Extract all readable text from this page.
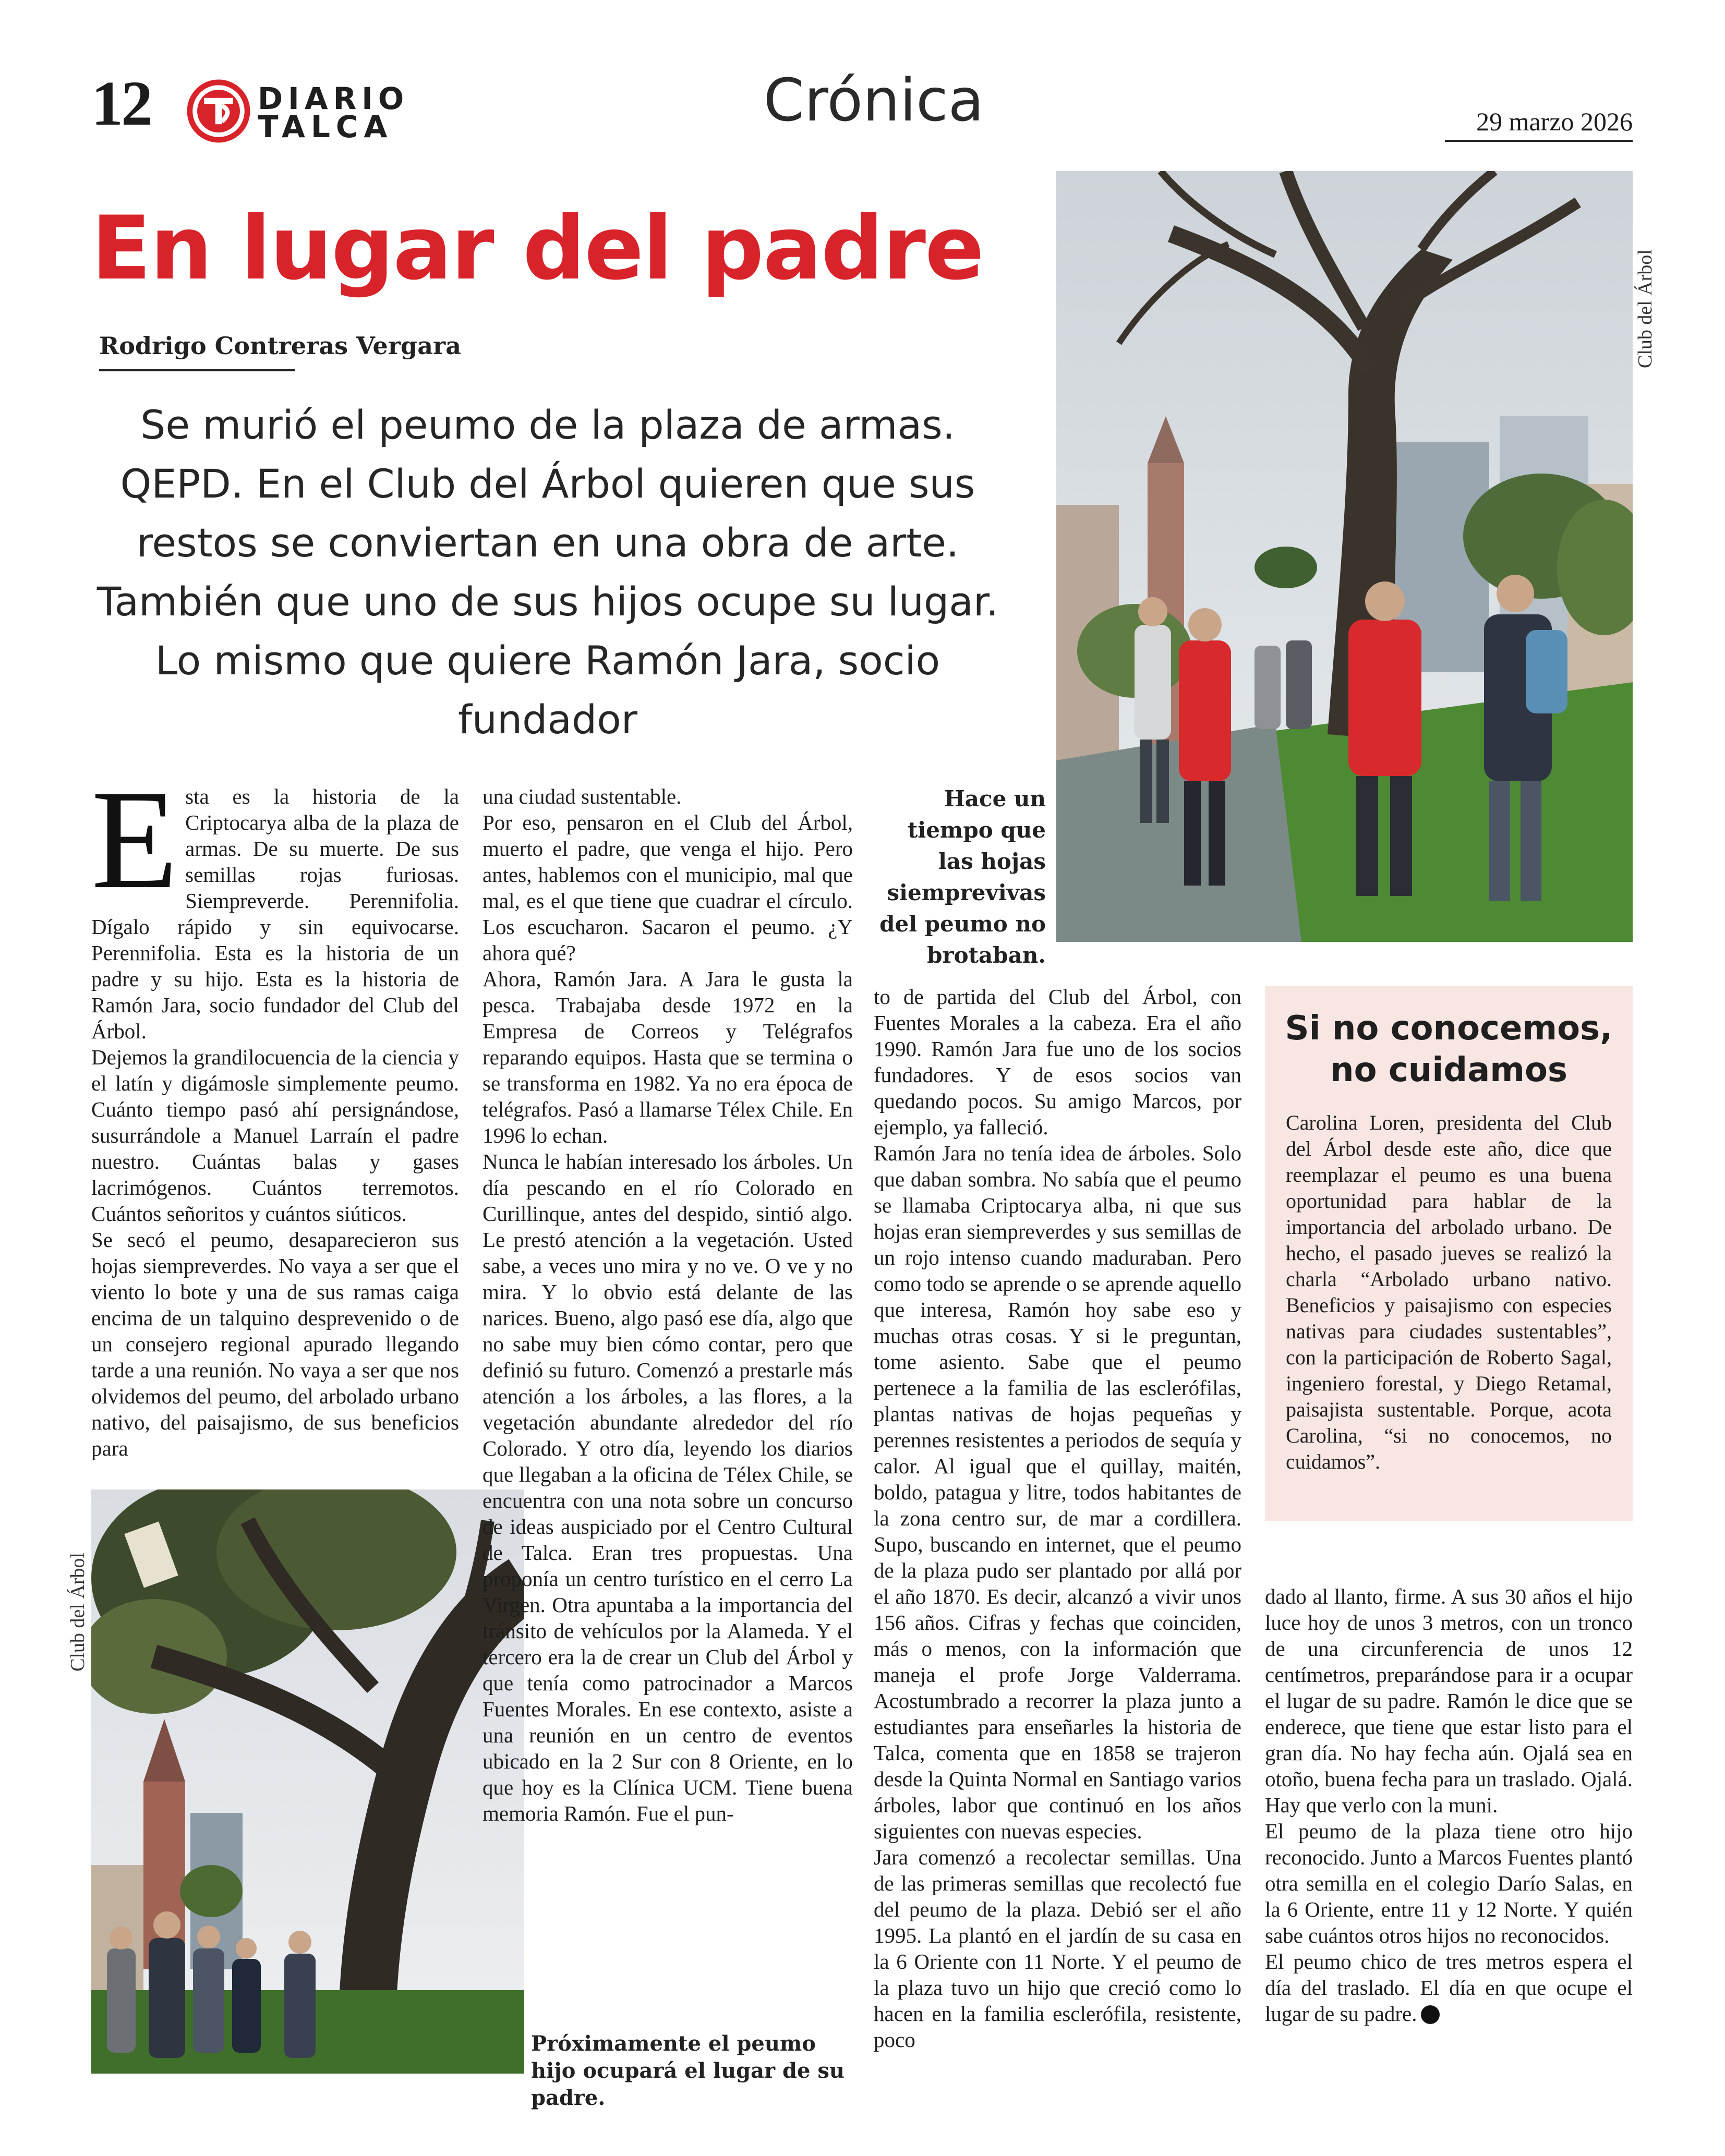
12	DIARIO
TALCA	Crónica	29 marzo 2026
En lugar del padre
Rodrigo Contreras Vergara
Se murió el peumo de la plaza de armas. QEPD. En el Club del Árbol quieren que sus restos se conviertan en una obra de arte. También que uno de sus hijos ocupe su lugar. Lo mismo que quiere Ramón Jara, socio fundador
Club del Árbol
Club del Árbol
Hace un tiempo que las hojas siemprevivas del peumo no brotaban.
Próximamente el peumo hijo ocupará el lugar de su padre.
E sta es la historia de la Criptocarya alba de la plaza de armas. De su muerte. De sus semillas rojas furiosas. Siempreverde. Perennifolia. Dígalo rápido y sin equivocarse. Perennifolia. Esta es la historia de un padre y su hijo. Esta es la historia de Ramón Jara, socio fundador del Club del Árbol.

Dejemos la grandilocuencia de la ciencia y el latín y digámosle simplemente peumo. Cuánto tiempo pasó ahí persignándose, susurrándole a Manuel Larraín el padre nuestro. Cuántas balas y gases lacrimógenos. Cuántos terremotos. Cuántos señoritos y cuántos siúticos.

Se secó el peumo, desaparecieron sus hojas siempreverdes. No vaya a ser que el viento lo bote y una de sus ramas caiga encima de un talquino desprevenido o de un consejero regional apurado llegando tarde a una reunión. No vaya a ser que nos olvidemos del peumo, del arbolado urbano nativo, del paisajismo, de sus beneficios para

una ciudad sustentable.

Por eso, pensaron en el Club del Árbol, muerto el padre, que venga el hijo. Pero antes, hablemos con el municipio, mal que mal, es el que tiene que cuadrar el círculo. Los escucharon. Sacaron el peumo. ¿Y ahora qué?

Ahora, Ramón Jara. A Jara le gusta la pesca. Trabajaba desde 1972 en la Empresa de Correos y Telégrafos reparando equipos. Hasta que se termina o se transforma en 1982. Ya no era época de telégrafos. Pasó a llamarse Télex Chile. En 1996 lo echan.

Nunca le habían interesado los árboles. Un día pescando en el río Colorado en Curillinque, antes del despido, sintió algo. Le prestó atención a la vegetación. Usted sabe, a veces uno mira y no ve. O ve y no mira. Y lo obvio está delante de las narices. Bueno, algo pasó ese día, algo que no sabe muy bien cómo contar, pero que definió su futuro. Comenzó a prestarle más atención a los árboles, a las flores, a la vegetación abundante alrededor del río Colorado. Y otro día, leyendo los diarios que llegaban a la oficina de Télex Chile, se encuentra con una nota sobre un concurso de ideas auspiciado por el Centro Cultural de Talca. Eran tres propuestas. Una proponía un centro turístico en el cerro La Virgen. Otra apuntaba a la importancia del tránsito de vehículos por la Alameda. Y el tercero era la de crear un Club del Árbol y que tenía como patrocinador a Marcos Fuentes Morales. En ese contexto, asiste a una reunión en un centro de eventos ubicado en la 2 Sur con 8 Oriente, en lo que hoy es la Clínica UCM. Tiene buena memoria Ramón. Fue el pun-

to de partida del Club del Árbol, con Fuentes Morales a la cabeza. Era el año 1990. Ramón Jara fue uno de los socios fundadores. Y de esos socios van quedando pocos. Su amigo Marcos, por ejemplo, ya falleció.

Ramón Jara no tenía idea de árboles. Solo que daban sombra. No sabía que el peumo se llamaba Criptocarya alba, ni que sus hojas eran siempreverdes y sus semillas de un rojo intenso cuando maduraban. Pero como todo se aprende o se aprende aquello que interesa, Ramón hoy sabe eso y muchas otras cosas. Y si le preguntan, tome asiento. Sabe que el peumo pertenece a la familia de las esclerófilas, plantas nativas de hojas pequeñas y perennes resistentes a periodos de sequía y calor. Al igual que el quillay, maitén, boldo, patagua y litre, todos habitantes de la zona centro sur, de mar a cordillera. Supo, buscando en internet, que el peumo de la plaza pudo ser plantado por allá por el año 1870. Es decir, alcanzó a vivir unos 156 años. Cifras y fechas que coinciden, más o menos, con la información que maneja el profe Jorge Valderrama. Acostumbrado a recorrer la plaza junto a estudiantes para enseñarles la historia de Talca, comenta que en 1858 se trajeron desde la Quinta Normal en Santiago varios árboles, labor que continuó en los años siguientes con nuevas especies.

Jara comenzó a recolectar semillas. Una de las primeras semillas que recolectó fue del peumo de la plaza. Debió ser el año 1995. La plantó en el jardín de su casa en la 6 Oriente con 11 Norte. Y el peumo de la plaza tuvo un hijo que creció como lo hacen en la familia esclerófila, resistente, poco

dado al llanto, firme. A sus 30 años el hijo luce hoy de unos 3 metros, con un tronco de una circunferencia de unos 12 centímetros, preparándose para ir a ocupar el lugar de su padre. Ramón le dice que se enderece, que tiene que estar listo para el gran día. No hay fecha aún. Ojalá sea en otoño, buena fecha para un traslado. Ojalá. Hay que verlo con la muni.

El peumo de la plaza tiene otro hijo reconocido. Junto a Marcos Fuentes plantó otra semilla en el colegio Darío Salas, en la 6 Oriente, entre 11 y 12 Norte. Y quién sabe cuántos otros hijos no reconocidos.

El peumo chico de tres metros espera el día del traslado. El día en que ocupe el lugar de su padre.

Si no conocemos, no cuidamos
Carolina Loren, presidenta del Club del Árbol desde este año, dice que reemplazar el peumo es una buena oportunidad para hablar de la importancia del arbolado urbano. De hecho, el pasado jueves se realizó la charla “Arbolado urbano nativo. Beneficios y paisajismo con especies nativas para ciudades sustentables”, con la participación de Roberto Sagal, ingeniero forestal, y Diego Retamal, paisajista sustentable. Porque, acota Carolina, “si no conocemos, no cuidamos”.
